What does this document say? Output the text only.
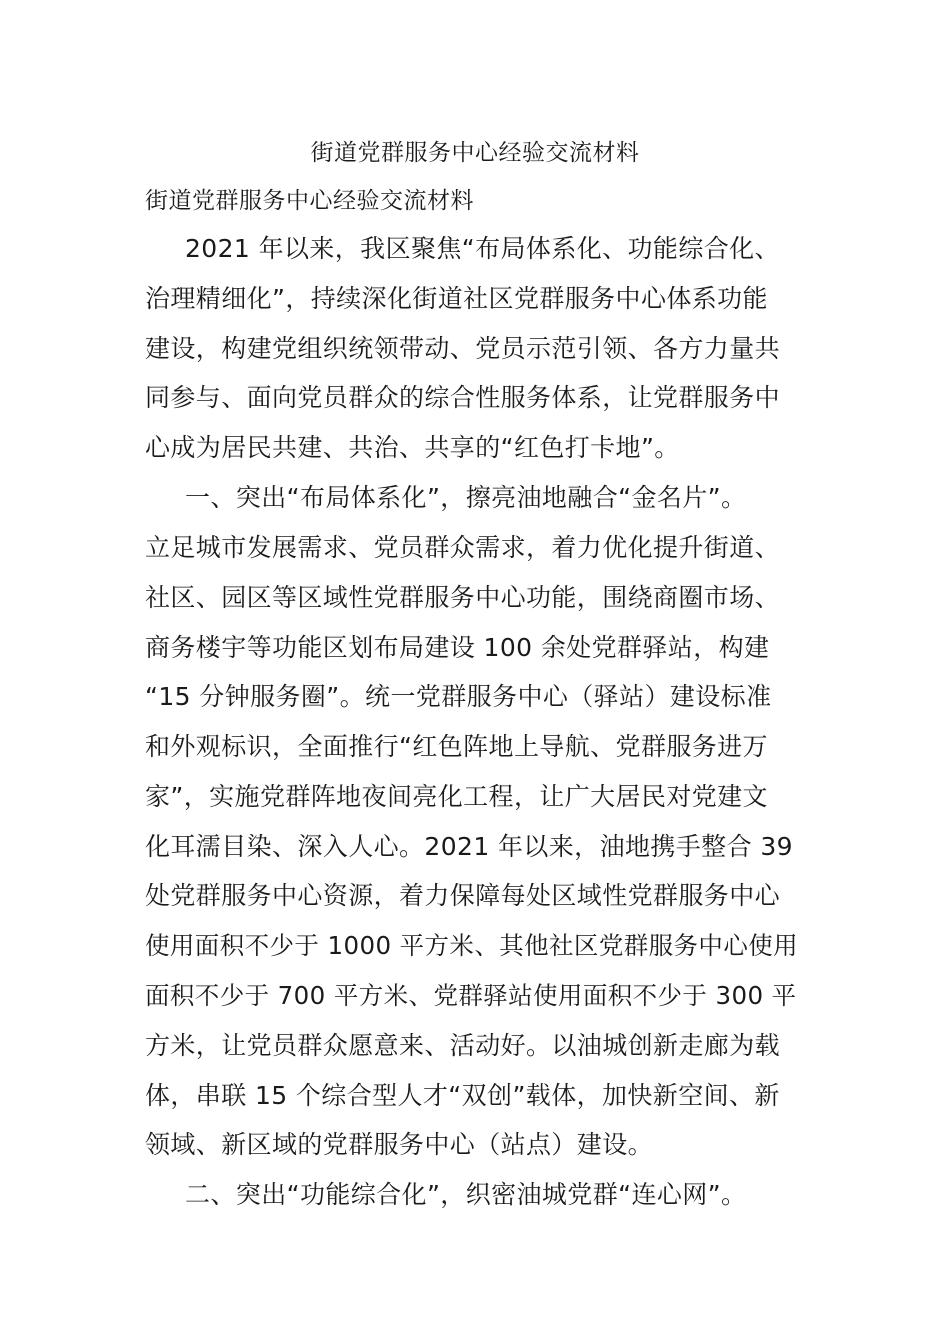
街道党群服务中心经验交流材料
街道党群服务中心经验交流材料
2021 年以来，我区聚焦“布局体系化、功能综合化、
治理精细化”，持续深化街道社区党群服务中心体系功能
建设，构建党组织统领带动、党员示范引领、各方力量共
同参与、面向党员群众的综合性服务体系，让党群服务中
心成为居民共建、共治、共享的“红色打卡地”。
一、突出“布局体系化”，擦亮油地融合“金名片”。
立足城市发展需求、党员群众需求，着力优化提升街道、
社区、园区等区域性党群服务中心功能，围绕商圈市场、
商务楼宇等功能区划布局建设 100 余处党群驿站，构建
“15 分钟服务圈”。统一党群服务中心（驿站）建设标准
和外观标识，全面推行“红色阵地上导航、党群服务进万
家”，实施党群阵地夜间亮化工程，让广大居民对党建文
化耳濡目染、深入人心。2021 年以来，油地携手整合 39
处党群服务中心资源，着力保障每处区域性党群服务中心
使用面积不少于 1000 平方米、其他社区党群服务中心使用
面积不少于 700 平方米、党群驿站使用面积不少于 300 平
方米，让党员群众愿意来、活动好。以油城创新走廊为载
体，串联 15 个综合型人才“双创”载体，加快新空间、新
领域、新区域的党群服务中心（站点）建设。
二、突出“功能综合化”，织密油城党群“连心网”。
